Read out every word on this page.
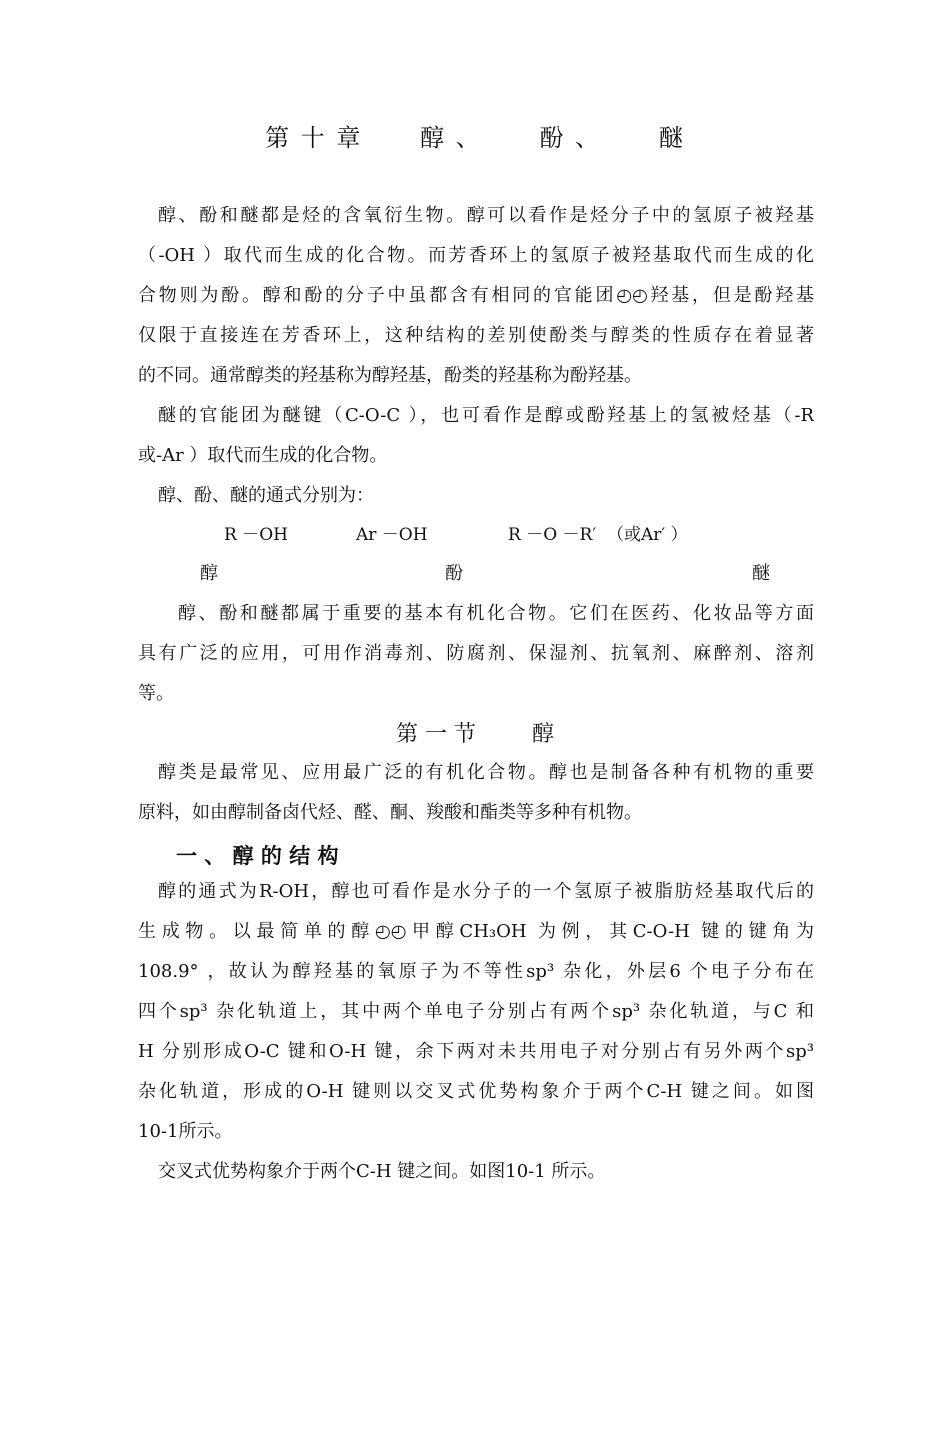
第 十 章      醇 、      酚 、      醚
醇、酚和醚都是烃的含氧衍生物。醇可以看作是烃分子中的氢原子被羟基
（-OH ）取代而生成的化合物。而芳香环上的氢原子被羟基取代而生成的化
合物则为酚。醇和酚的分子中虽都含有相同的官能团◴◴羟基，但是酚羟基
仅限于直接连在芳香环上，这种结构的差别使酚类与醇类的性质存在着显著
的不同。通常醇类的羟基称为醇羟基，酚类的羟基称为酚羟基。
醚的官能团为醚键（C-O-C ），也可看作是醇或酚羟基上的氢被烃基（-R
或-Ar ）取代而生成的化合物。
醇、酚、醚的通式分别为：
R －OH	Ar －OH	R －O －R′  （或Ar′ ）
醇	酚	醚
醇、酚和醚都属于重要的基本有机化合物。它们在医药、化妆品等方面
具有广泛的应用，可用作消毒剂、防腐剂、保湿剂、抗氧剂、麻醉剂、溶剂
等。
第 一 节        醇
醇类是最常见、应用最广泛的有机化合物。醇也是制备各种有机物的重要
原料，如由醇制备卤代烃、醛、酮、羧酸和酯类等多种有机物。
一 、 醇 的 结 构
醇的通式为R-OH，醇也可看作是水分子的一个氢原子被脂肪烃基取代后的
生成物。以最简单的醇◴◴甲醇CH₃OH 为例，其C-O-H 键的键角为
108.9° ，故认为醇羟基的氧原子为不等性sp³ 杂化，外层6 个电子分布在
四个sp³ 杂化轨道上，其中两个单电子分别占有两个sp³ 杂化轨道，与C 和
H 分别形成O-C 键和O-H 键，余下两对未共用电子对分别占有另外两个sp³
杂化轨道，形成的O-H 键则以交叉式优势构象介于两个C-H 键之间。如图
10-1所示。
交叉式优势构象介于两个C-H 键之间。如图10-1 所示。
